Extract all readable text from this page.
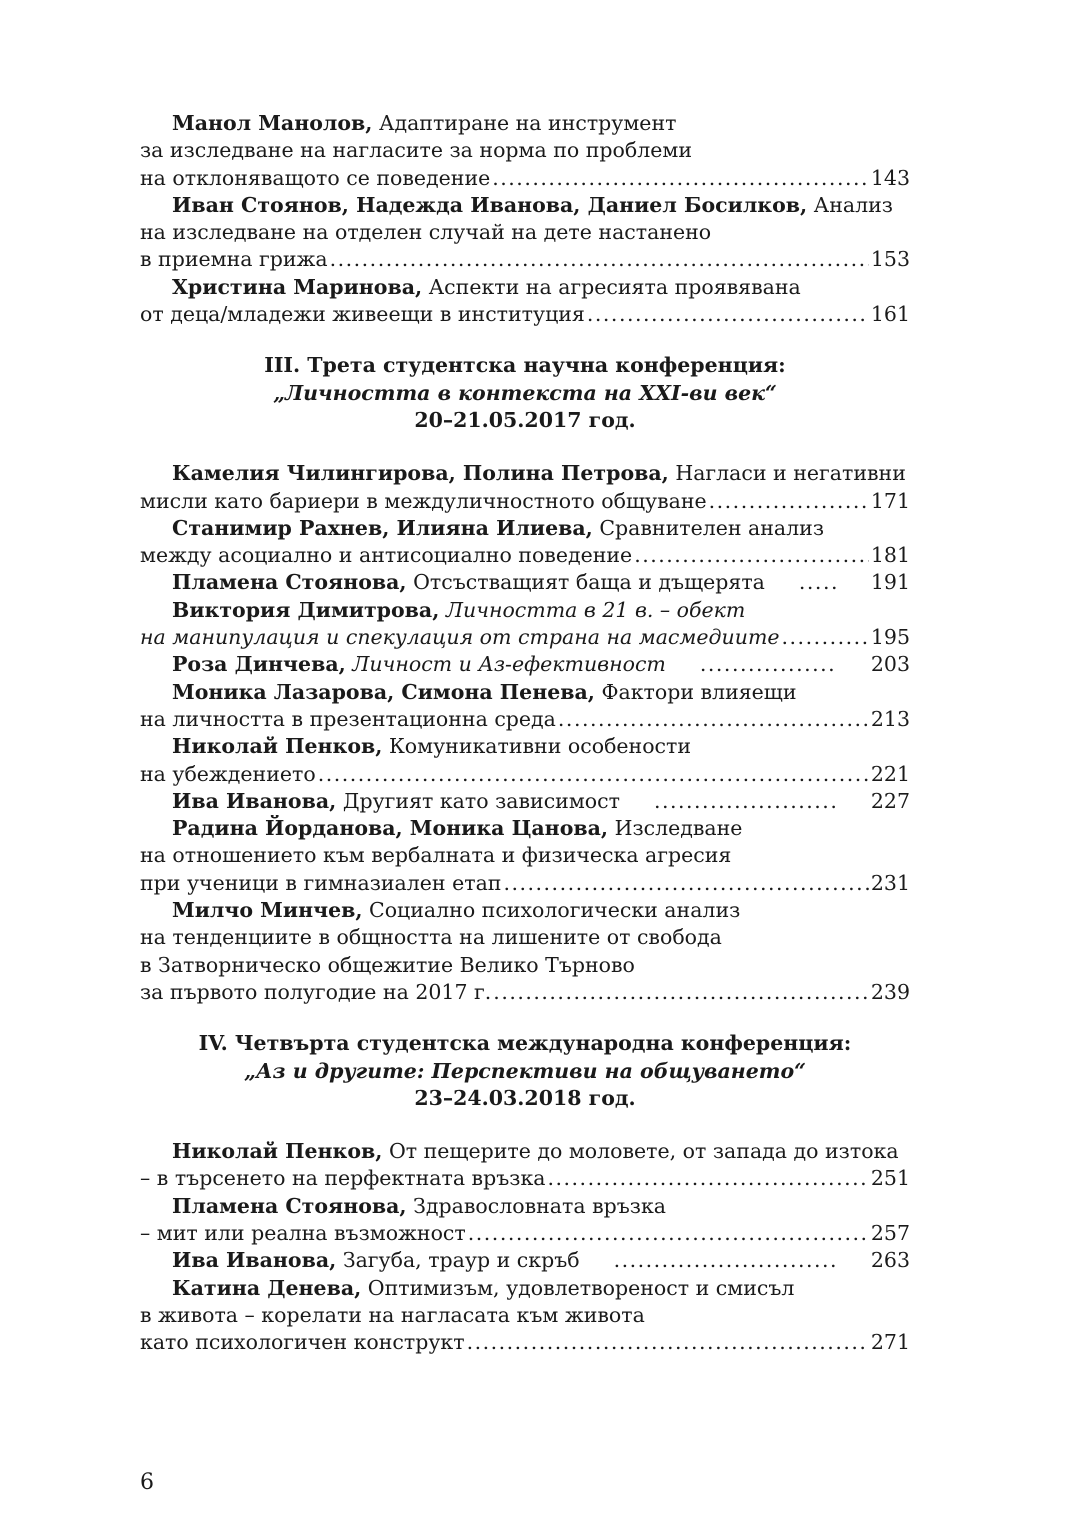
Манол Манолов, Адаптиране на инструмент
за изследване на нагласите за норма по проблеми
на отклоняващото се поведение .....	143
Иван Стоянов, Надежда Иванова, Даниел Босилков, Анализ
на изследване на отделен случай на дете настанено
в приемна грижа .....	153
Христина Маринова, Аспекти на агресията проявявана
от деца/младежи живеещи в институция .....	161
III. Трета студентска научна конференция:
„Личността в контекста на XXI-ви век“
20–21.05.2017 год.
Камелия Чилингирова, Полина Петрова, Нагласи и негативни
мисли като бариери в междуличностното общуване .....	171
Станимир Рахнев, Илияна Илиева, Сравнителен анализ
между асоциално и антисоциално поведение .....	181
Пламена Стоянова, Отсъстващият баща и дъщерята .....	191
Виктория Димитрова, Личността в 21 в. – обект
на манипулация и спекулация от страна на масмедиите .....	195
Роза Динчева, Личност и Аз-ефективност .....	203
Моника Лазарова, Симона Пенева, Фактори влияещи
на личността в презентационна среда .....	213
Николай Пенков, Комуникативни особености
на убеждението .....	221
Ива Иванова, Другият като зависимост .....	227
Радина Йорданова, Моника Цанова, Изследване
на отношението към вербалната и физическа агресия
при ученици в гимназиален етап .....	231
Милчо Минчев, Социално психологически анализ
на тенденциите в общността на лишените от свобода
в Затворническо общежитие Велико Търново
за първото полугодие на 2017 г. .....	239
IV. Четвърта студентска международна конференция:
„Аз и другите: Перспективи на общуването“
23–24.03.2018 год.
Николай Пенков, От пещерите до моловете, от запада до изтока
– в търсенето на перфектната връзка .....	251
Пламена Стоянова, Здравословната връзка
– мит или реална възможност .....	257
Ива Иванова, Загуба, траур и скръб .....	263
Катина Денева, Оптимизъм, удовлетвореност и смисъл
в живота – корелати на нагласата към живота
като психологичен конструкт .....	271
6
